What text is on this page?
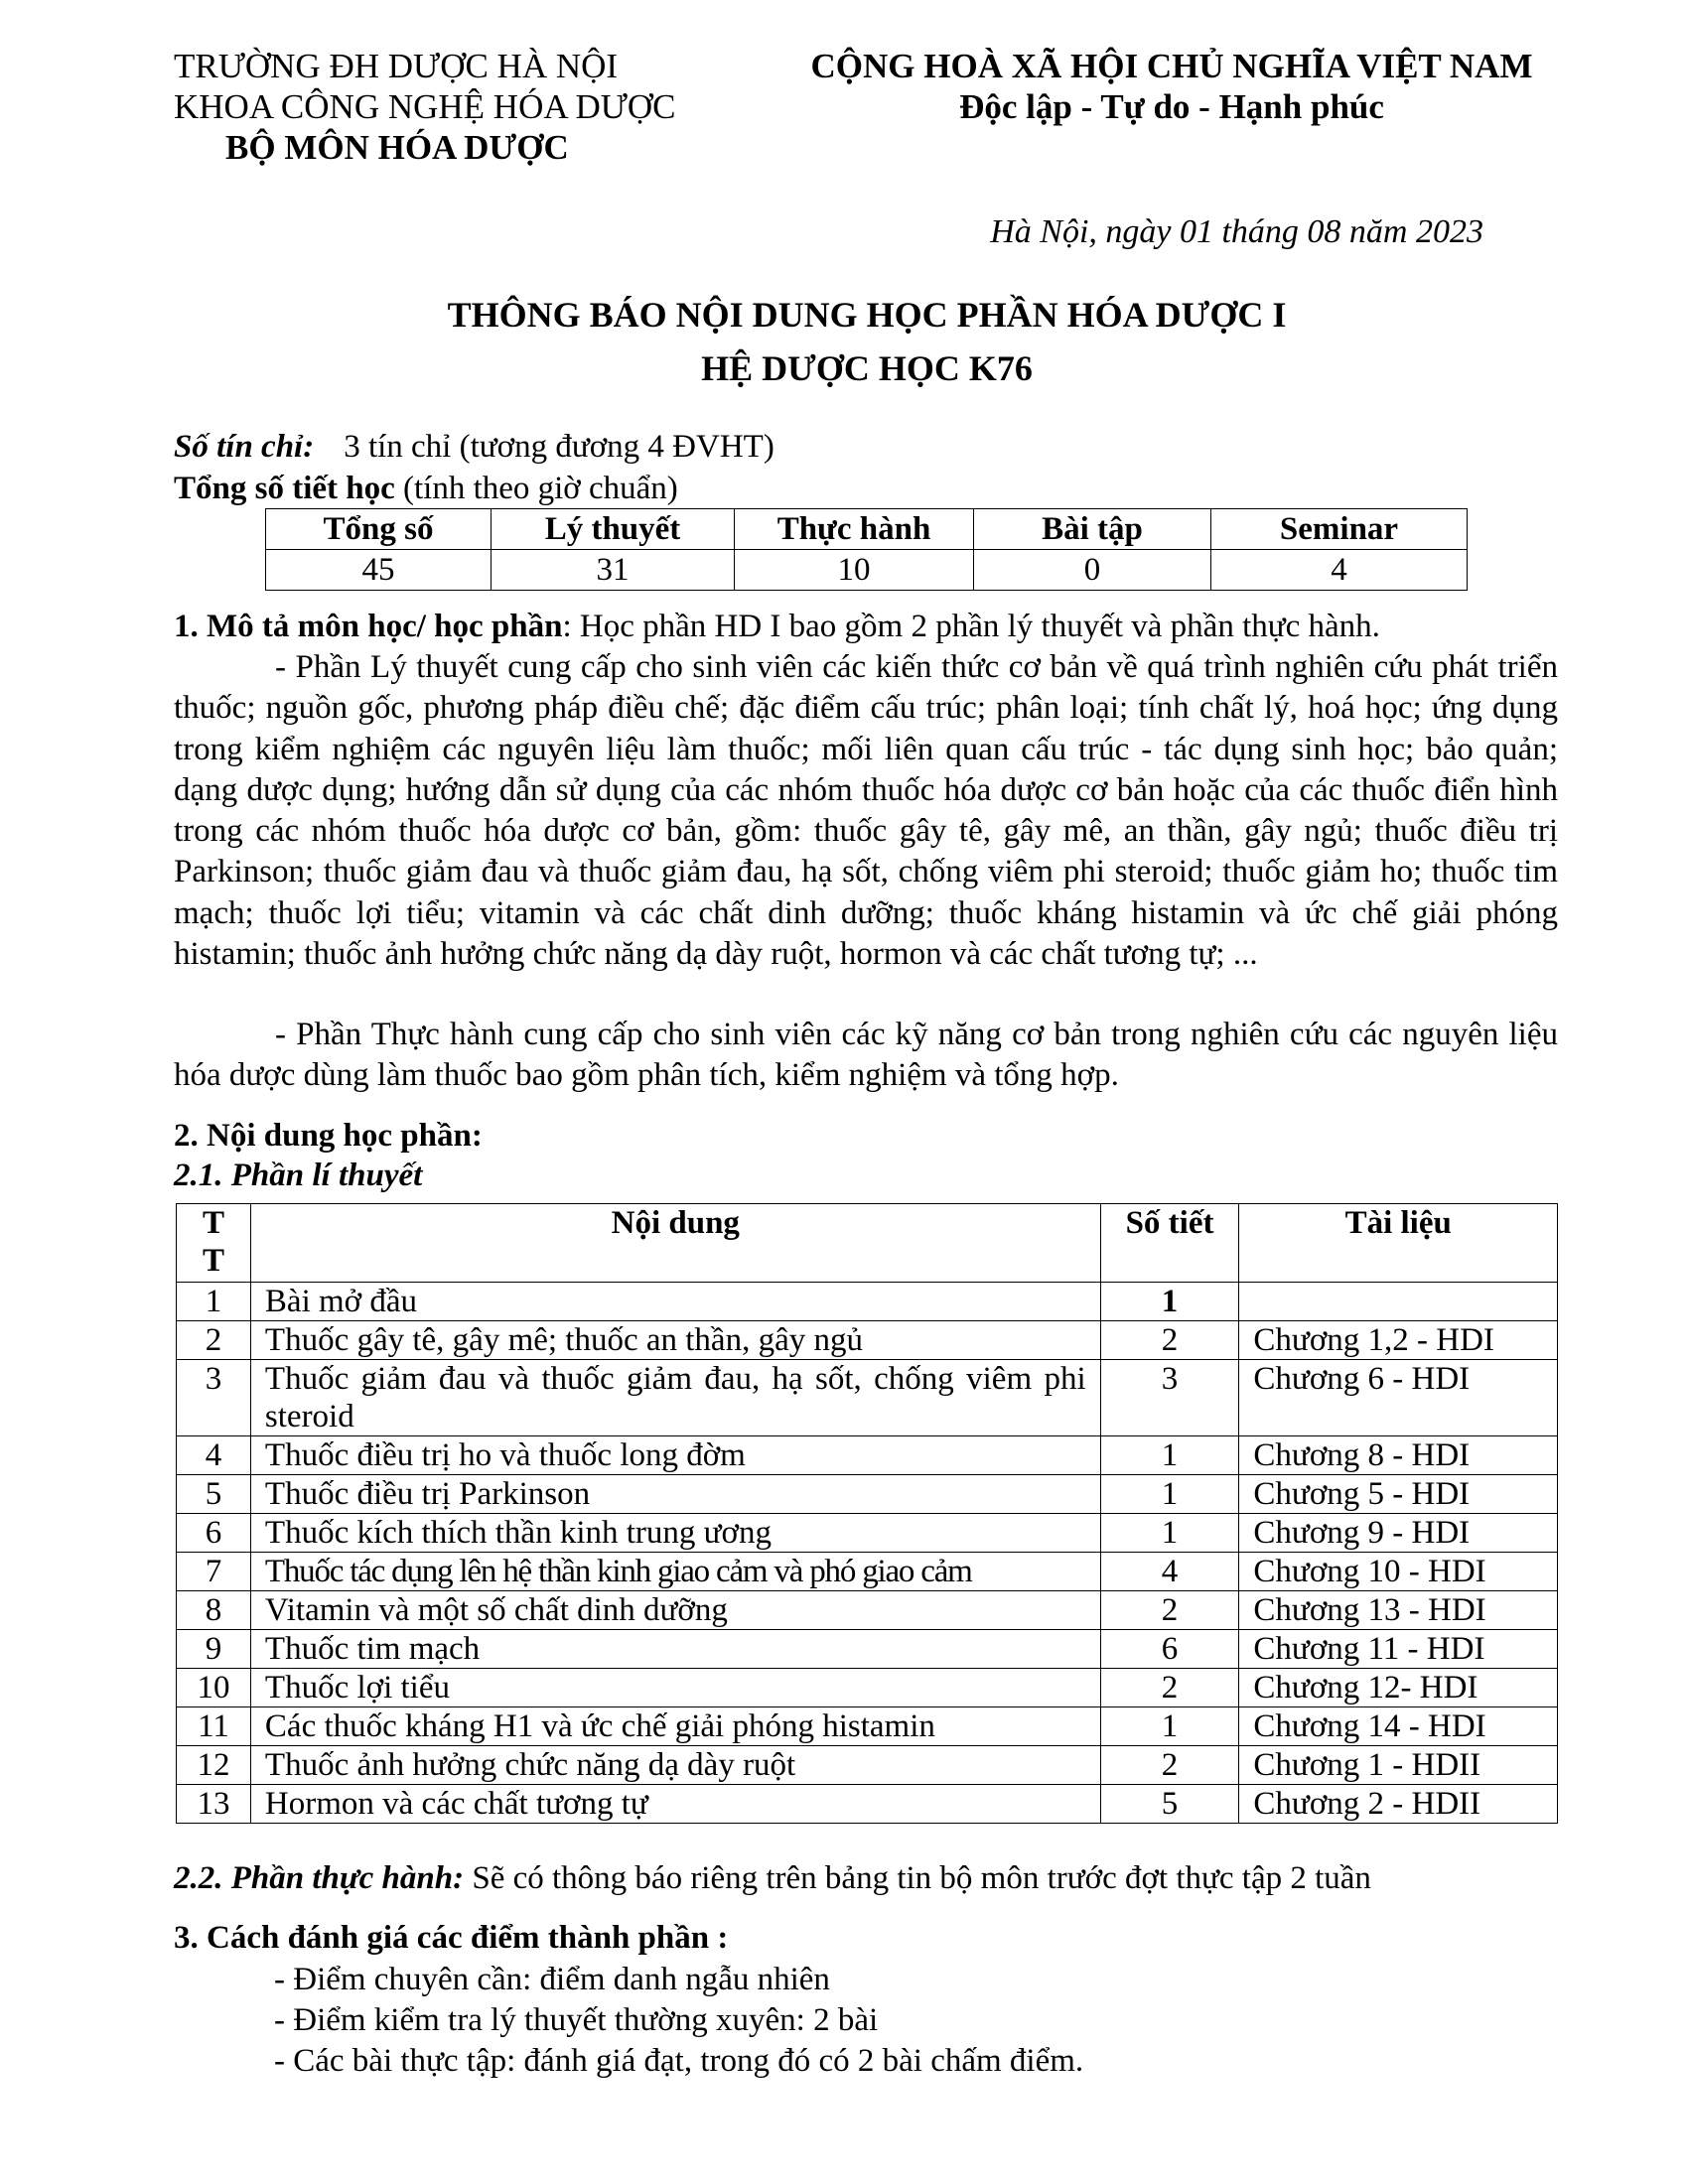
TRƯỜNG ĐH DƯỢC HÀ NỘI
KHOA CÔNG NGHỆ HÓA DƯỢC
BỘ MÔN HÓA DƯỢC
CỘNG HOÀ XÃ HỘI CHỦ NGHĨA VIỆT NAM
Độc lập - Tự do - Hạnh phúc
Hà Nội, ngày 01 tháng 08 năm 2023
THÔNG BÁO NỘI DUNG HỌC PHẦN HÓA DƯỢC I
HỆ DƯỢC HỌC K76
Số tín chỉ: 3 tín chỉ (tương đương 4 ĐVHT)
Tổng số tiết học (tính theo giờ chuẩn)
Tổng số	Lý thuyết	Thực hành	Bài tập	Seminar
45	31	10	0	4
1. Mô tả môn học/ học phần: Học phần HD I bao gồm 2 phần lý thuyết và phần thực hành.
- Phần Lý thuyết cung cấp cho sinh viên các kiến thức cơ bản về quá trình nghiên cứu phát triển thuốc; nguồn gốc, phương pháp điều chế; đặc điểm cấu trúc; phân loại; tính chất lý, hoá học; ứng dụng trong kiểm nghiệm các nguyên liệu làm thuốc; mối liên quan cấu trúc - tác dụng sinh học; bảo quản; dạng dược dụng; hướng dẫn sử dụng của các nhóm thuốc hóa dược cơ bản hoặc của các thuốc điển hình trong các nhóm thuốc hóa dược cơ bản, gồm: thuốc gây tê, gây mê, an thần, gây ngủ; thuốc điều trị Parkinson; thuốc giảm đau và thuốc giảm đau, hạ sốt, chống viêm phi steroid; thuốc giảm ho; thuốc tim mạch; thuốc lợi tiểu; vitamin và các chất dinh dưỡng; thuốc kháng histamin và ức chế giải phóng histamin; thuốc ảnh hưởng chức năng dạ dày ruột, hormon và các chất tương tự; ...
- Phần Thực hành cung cấp cho sinh viên các kỹ năng cơ bản trong nghiên cứu các nguyên liệu hóa dược dùng làm thuốc bao gồm phân tích, kiểm nghiệm và tổng hợp.
2. Nội dung học phần:
2.1. Phần lí thuyết
T
T	Nội dung	Số tiết	Tài liệu
1	Bài mở đầu	1	
2	Thuốc gây tê, gây mê; thuốc an thần, gây ngủ	2	Chương 1,2 - HDI
3	Thuốc giảm đau và thuốc giảm đau, hạ sốt, chống viêm phi steroid	3	Chương 6 - HDI
4	Thuốc điều trị ho và thuốc long đờm	1	Chương 8 - HDI
5	Thuốc điều trị Parkinson	1	Chương 5 - HDI
6	Thuốc kích thích thần kinh trung ương	1	Chương 9 - HDI
7	Thuốc tác dụng lên hệ thần kinh giao cảm và phó giao cảm	4	Chương 10 - HDI
8	Vitamin và một số chất dinh dưỡng	2	Chương 13 - HDI
9	Thuốc tim mạch	6	Chương 11 - HDI
10	Thuốc lợi tiểu	2	Chương 12- HDI
11	Các thuốc kháng H1 và ức chế giải phóng histamin	1	Chương 14 - HDI
12	Thuốc ảnh hưởng chức năng dạ dày ruột	2	Chương 1 - HDII
13	Hormon và các chất tương tự	5	Chương 2 - HDII
2.2. Phần thực hành: Sẽ có thông báo riêng trên bảng tin bộ môn trước đợt thực tập 2 tuần
3. Cách đánh giá các điểm thành phần :
- Điểm chuyên cần: điểm danh ngẫu nhiên
- Điểm kiểm tra lý thuyết thường xuyên: 2 bài
- Các bài thực tập: đánh giá đạt, trong đó có 2 bài chấm điểm.
